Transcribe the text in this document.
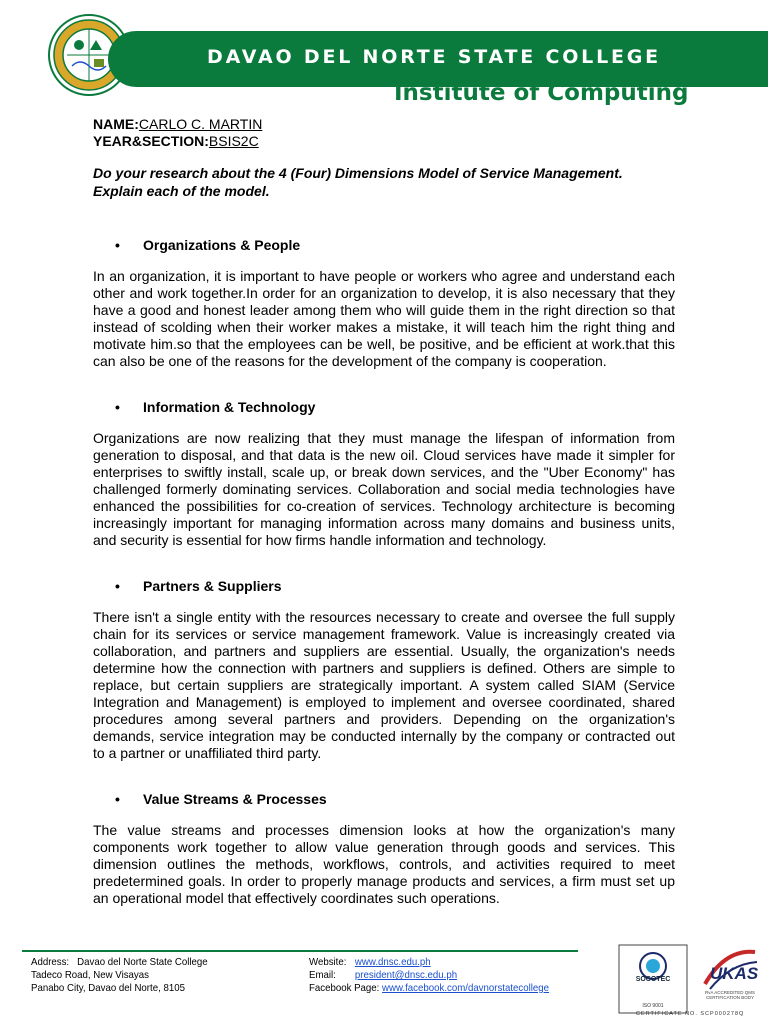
DAVAO DEL NORTE STATE COLLEGE
Institute of Computing
NAME:CARLO C. MARTIN
YEAR&SECTION:BSIS2C
Do your research about the 4 (Four) Dimensions Model of Service Management. Explain each of the model.
•	Organizations & People

In an organization, it is important to have people or workers who agree and understand each other and work together.In order for an organization to develop, it is also necessary that they have a good and honest leader among them who will guide them in the right direction so that instead of scolding when their worker makes a mistake, it will teach him the right thing and motivate him.so that the employees can be well, be positive, and be efficient at work.that this can also be one of the reasons for the development of the company is cooperation.

•	Information & Technology

Organizations are now realizing that they must manage the lifespan of information from generation to disposal, and that data is the new oil. Cloud services have made it simpler for enterprises to swiftly install, scale up, or break down services, and the "Uber Economy" has challenged formerly dominating services. Collaboration and social media technologies have enhanced the possibilities for co-creation of services. Technology architecture is becoming increasingly important for managing information across many domains and business units, and security is essential for how firms handle information and technology.

•	Partners & Suppliers

There isn't a single entity with the resources necessary to create and oversee the full supply chain for its services or service management framework. Value is increasingly created via collaboration, and partners and suppliers are essential. Usually, the organization's needs determine how the connection with partners and suppliers is defined. Others are simple to replace, but certain suppliers are strategically important. A system called SIAM (Service Integration and Management) is employed to implement and oversee coordinated, shared procedures among several partners and providers. Depending on the organization's demands, service integration may be conducted internally by the company or contracted out to a partner or unaffiliated third party.

•	Value Streams & Processes

The value streams and processes dimension looks at how the organization's many components work together to allow value generation through goods and services. This dimension outlines the methods, workflows, controls, and activities required to meet predetermined goals. In order to properly manage products and services, a firm must set up an operational model that effectively coordinates such operations.

Address: Davao del Norte State College
Tadeco Road, New Visayas
Panabo City, Davao del Norte, 8105
Website: www.dnsc.edu.ph
Email: president@dnsc.edu.ph
Facebook Page: www.facebook.com/davnorstatecollege
SOCOTEC
ISO 9001
UKAS
RvA ACCREDITED QMS CERTIFICATION BODY
CERTIFICATE NO. SCP000278Q
